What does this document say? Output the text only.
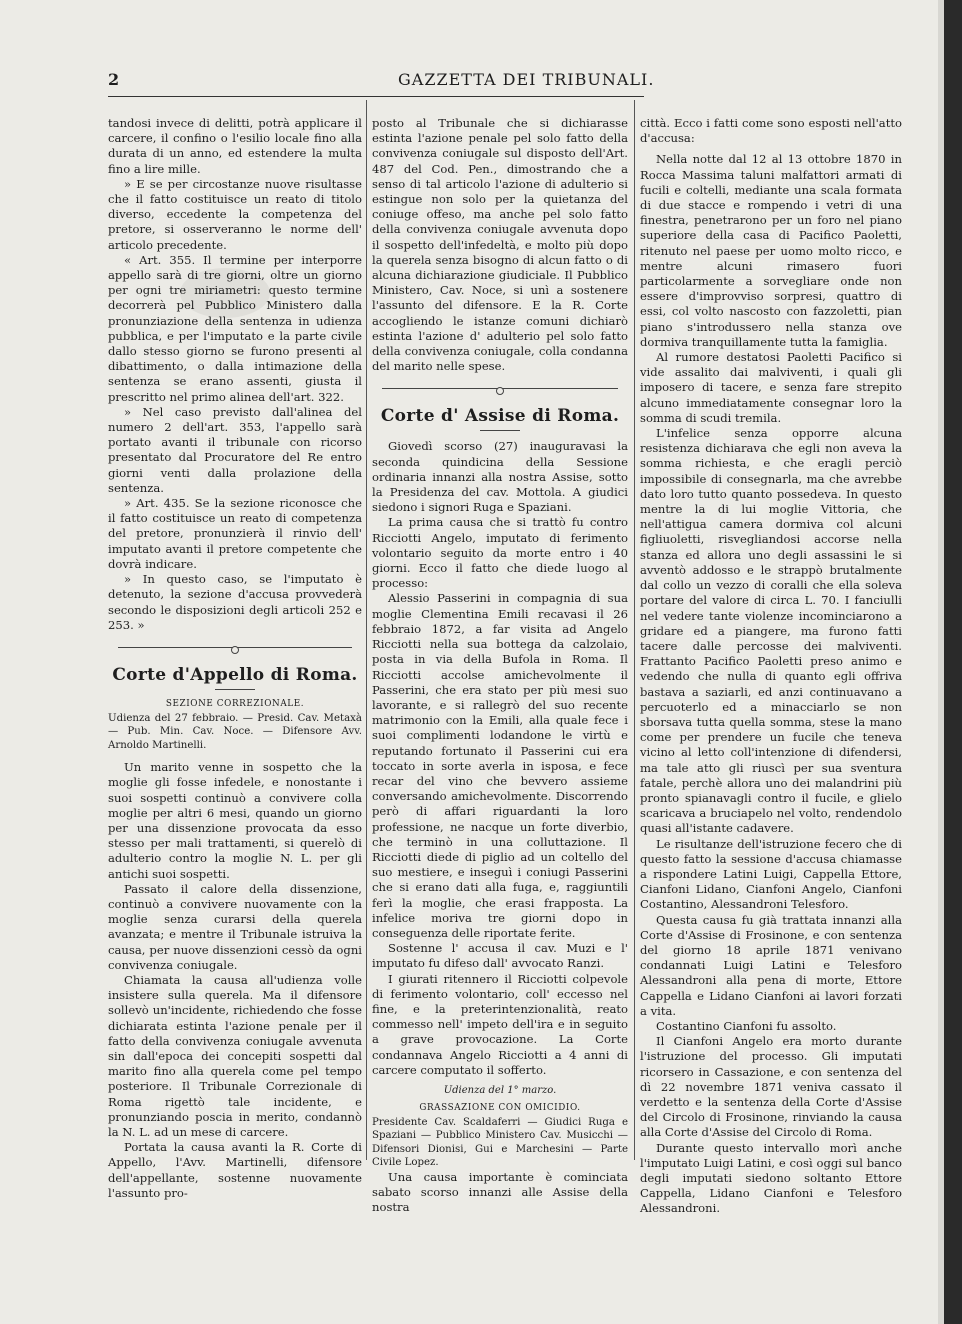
2	GAZZETTA DEI TRIBUNALI.

tandosi invece di delitti, potrà applicare il carcere, il confino o l'esilio locale fino alla durata di un anno, ed estendere la multa fino a lire mille.

» E se per circostanze nuove risultasse che il fatto costituisce un reato di titolo diverso, eccedente la competenza del pretore, si osserveranno le norme dell' articolo precedente.

« Art. 355. Il termine per interporre appello sarà di tre giorni, oltre un giorno per ogni tre miriametri: questo termine decorrerà pel Pubblico Ministero dalla pronunziazione della sentenza in udienza pubblica, e per l'imputato e la parte civile dallo stesso giorno se furono presenti al dibattimento, o dalla intimazione della sentenza se erano assenti, giusta il prescritto nel primo alinea dell'art. 322.

» Nel caso previsto dall'alinea del numero 2 dell'art. 353, l'appello sarà portato avanti il tribunale con ricorso presentato dal Procuratore del Re entro giorni venti dalla prolazione della sentenza.

» Art. 435. Se la sezione riconosce che il fatto costituisce un reato di competenza del pretore, pronunzierà il rinvio dell' imputato avanti il pretore competente che dovrà indicare.

» In questo caso, se l'imputato è detenuto, la sezione d'accusa provvederà secondo le disposizioni degli articoli 252 e 253. »

Corte d'Appello di Roma.
SEZIONE CORREZIONALE.

Udienza del 27 febbraio. — Presid. Cav. Metaxà — Pub. Min. Cav. Noce. — Difensore Avv. Arnoldo Martinelli.

Un marito venne in sospetto che la moglie gli fosse infedele, e nonostante i suoi sospetti continuò a convivere colla moglie per altri 6 mesi, quando un giorno per una dissenzione provocata da esso stesso per mali trattamenti, si querelò di adulterio contro la moglie N. L. per gli antichi suoi sospetti.

Passato il calore della dissenzione, continuò a convivere nuovamente con la moglie senza curarsi della querela avanzata; e mentre il Tribunale istruiva la causa, per nuove dissenzioni cessò da ogni convivenza coniugale.

Chiamata la causa all'udienza volle insistere sulla querela. Ma il difensore sollevò un'incidente, richiedendo che fosse dichiarata estinta l'azione penale per il fatto della convivenza coniugale avvenuta sin dall'epoca dei concepiti sospetti dal marito fino alla querela come pel tempo posteriore. Il Tribunale Correzionale di Roma rigettò tale incidente, e pronunziando poscia in merito, condannò la N. L. ad un mese di carcere.

Portata la causa avanti la R. Corte di Appello, l'Avv. Martinelli, difensore dell'appellante, sostenne nuovamente l'assunto pro-

posto al Tribunale che si dichiarasse estinta l'azione penale pel solo fatto della convivenza coniugale sul disposto dell'Art. 487 del Cod. Pen., dimostrando che a senso di tal articolo l'azione di adulterio si estingue non solo per la quietanza del coniuge offeso, ma anche pel solo fatto della convivenza coniugale avvenuta dopo il sospetto dell'infedeltà, e molto più dopo la querela senza bisogno di alcun fatto o di alcuna dichiarazione giudiciale. Il Pubblico Ministero, Cav. Noce, si unì a sostenere l'assunto del difensore. E la R. Corte accogliendo le istanze comuni dichiarò estinta l'azione d' adulterio pel solo fatto della convivenza coniugale, colla condanna del marito nelle spese.

Corte d' Assise di Roma.

Giovedì scorso (27) inauguravasi la seconda quindicina della Sessione ordinaria innanzi alla nostra Assise, sotto la Presidenza del cav. Mottola. A giudici siedono i signori Ruga e Spaziani.

La prima causa che si trattò fu contro Ricciotti Angelo, imputato di ferimento volontario seguito da morte entro i 40 giorni. Ecco il fatto che diede luogo al processo:

Alessio Passerini in compagnia di sua moglie Clementina Emili recavasi il 26 febbraio 1872, a far visita ad Angelo Ricciotti nella sua bottega da calzolaio, posta in via della Bufola in Roma. Il Ricciotti accolse amichevolmente il Passerini, che era stato per più mesi suo lavorante, e si rallegrò del suo recente matrimonio con la Emili, alla quale fece i suoi complimenti lodandone le virtù e reputando fortunato il Passerini cui era toccato in sorte averla in isposa, e fece recar del vino che bevvero assieme conversando amichevolmente. Discorrendo però di affari riguardanti la loro professione, ne nacque un forte diverbio, che terminò in una colluttazione. Il Ricciotti diede di piglio ad un coltello del suo mestiere, e inseguì i coniugi Passerini che si erano dati alla fuga, e, raggiuntili ferì la moglie, che erasi frapposta. La infelice moriva tre giorni dopo in conseguenza delle riportate ferite.

Sostenne l' accusa il cav. Muzi e l' imputato fu difeso dall' avvocato Ranzi.

I giurati ritennero il Ricciotti colpevole di ferimento volontario, coll' eccesso nel fine, e la preterintenzionalità, reato commesso nell' impeto dell'ira e in seguito a grave provocazione. La Corte condannava Angelo Ricciotti a 4 anni di carcere computato il sofferto.

Udienza del 1° marzo.
GRASSAZIONE CON OMICIDIO.

Presidente Cav. Scaldaferri — Giudici Ruga e Spaziani — Pubblico Ministero Cav. Musicchi — Difensori Dionisi, Gui e Marchesini — Parte Civile Lopez.

Una causa importante è cominciata sabato scorso innanzi alle Assise della nostra

città. Ecco i fatti come sono esposti nell'atto d'accusa:

Nella notte dal 12 al 13 ottobre 1870 in Rocca Massima taluni malfattori armati di fucili e coltelli, mediante una scala formata di due stacce e rompendo i vetri di una finestra, penetrarono per un foro nel piano superiore della casa di Pacifico Paoletti, ritenuto nel paese per uomo molto ricco, e mentre alcuni rimasero fuori particolarmente a sorvegliare onde non essere d'improvviso sorpresi, quattro di essi, col volto nascosto con fazzoletti, pian piano s'introdussero nella stanza ove dormiva tranquillamente tutta la famiglia.

Al rumore destatosi Paoletti Pacifico si vide assalito dai malviventi, i quali gli imposero di tacere, e senza fare strepito alcuno immediatamente consegnar loro la somma di scudi tremila.

L'infelice senza opporre alcuna resistenza dichiarava che egli non aveva la somma richiesta, e che eragli perciò impossibile di consegnarla, ma che avrebbe dato loro tutto quanto possedeva. In questo mentre la di lui moglie Vittoria, che nell'attigua camera dormiva col alcuni figliuoletti, risvegliandosi accorse nella stanza ed allora uno degli assassini le si avventò addosso e le strappò brutalmente dal collo un vezzo di coralli che ella soleva portare del valore di circa L. 70. I fanciulli nel vedere tante violenze incominciarono a gridare ed a piangere, ma furono fatti tacere dalle percosse dei malviventi. Frattanto Pacifico Paoletti preso animo e vedendo che nulla di quanto egli offriva bastava a saziarli, ed anzi continuavano a percuoterlo ed a minacciarlo se non sborsava tutta quella somma, stese la mano come per prendere un fucile che teneva vicino al letto coll'intenzione di difendersi, ma tale atto gli riuscì per sua sventura fatale, perchè allora uno dei malandrini più pronto spianavagli contro il fucile, e glielo scaricava a bruciapelo nel volto, rendendolo quasi all'istante cadavere.

Le risultanze dell'istruzione fecero che di questo fatto la sessione d'accusa chiamasse a rispondere Latini Luigi, Cappella Ettore, Cianfoni Lidano, Cianfoni Angelo, Cianfoni Costantino, Alessandroni Telesforo.

Questa causa fu già trattata innanzi alla Corte d'Assise di Frosinone, e con sentenza del giorno 18 aprile 1871 venivano condannati Luigi Latini e Telesforo Alessandroni alla pena di morte, Ettore Cappella e Lidano Cianfoni ai lavori forzati a vita.

Costantino Cianfoni fu assolto.

Il Cianfoni Angelo era morto durante l'istruzione del processo. Gli imputati ricorsero in Cassazione, e con sentenza del dì 22 novembre 1871 veniva cassato il verdetto e la sentenza della Corte d'Assise del Circolo di Frosinone, rinviando la causa alla Corte d'Assise del Circolo di Roma.

Durante questo intervallo morì anche l'imputato Luigi Latini, e così oggi sul banco degli imputati siedono soltanto Ettore Cappella, Lidano Cianfoni e Telesforo Alessandroni.
